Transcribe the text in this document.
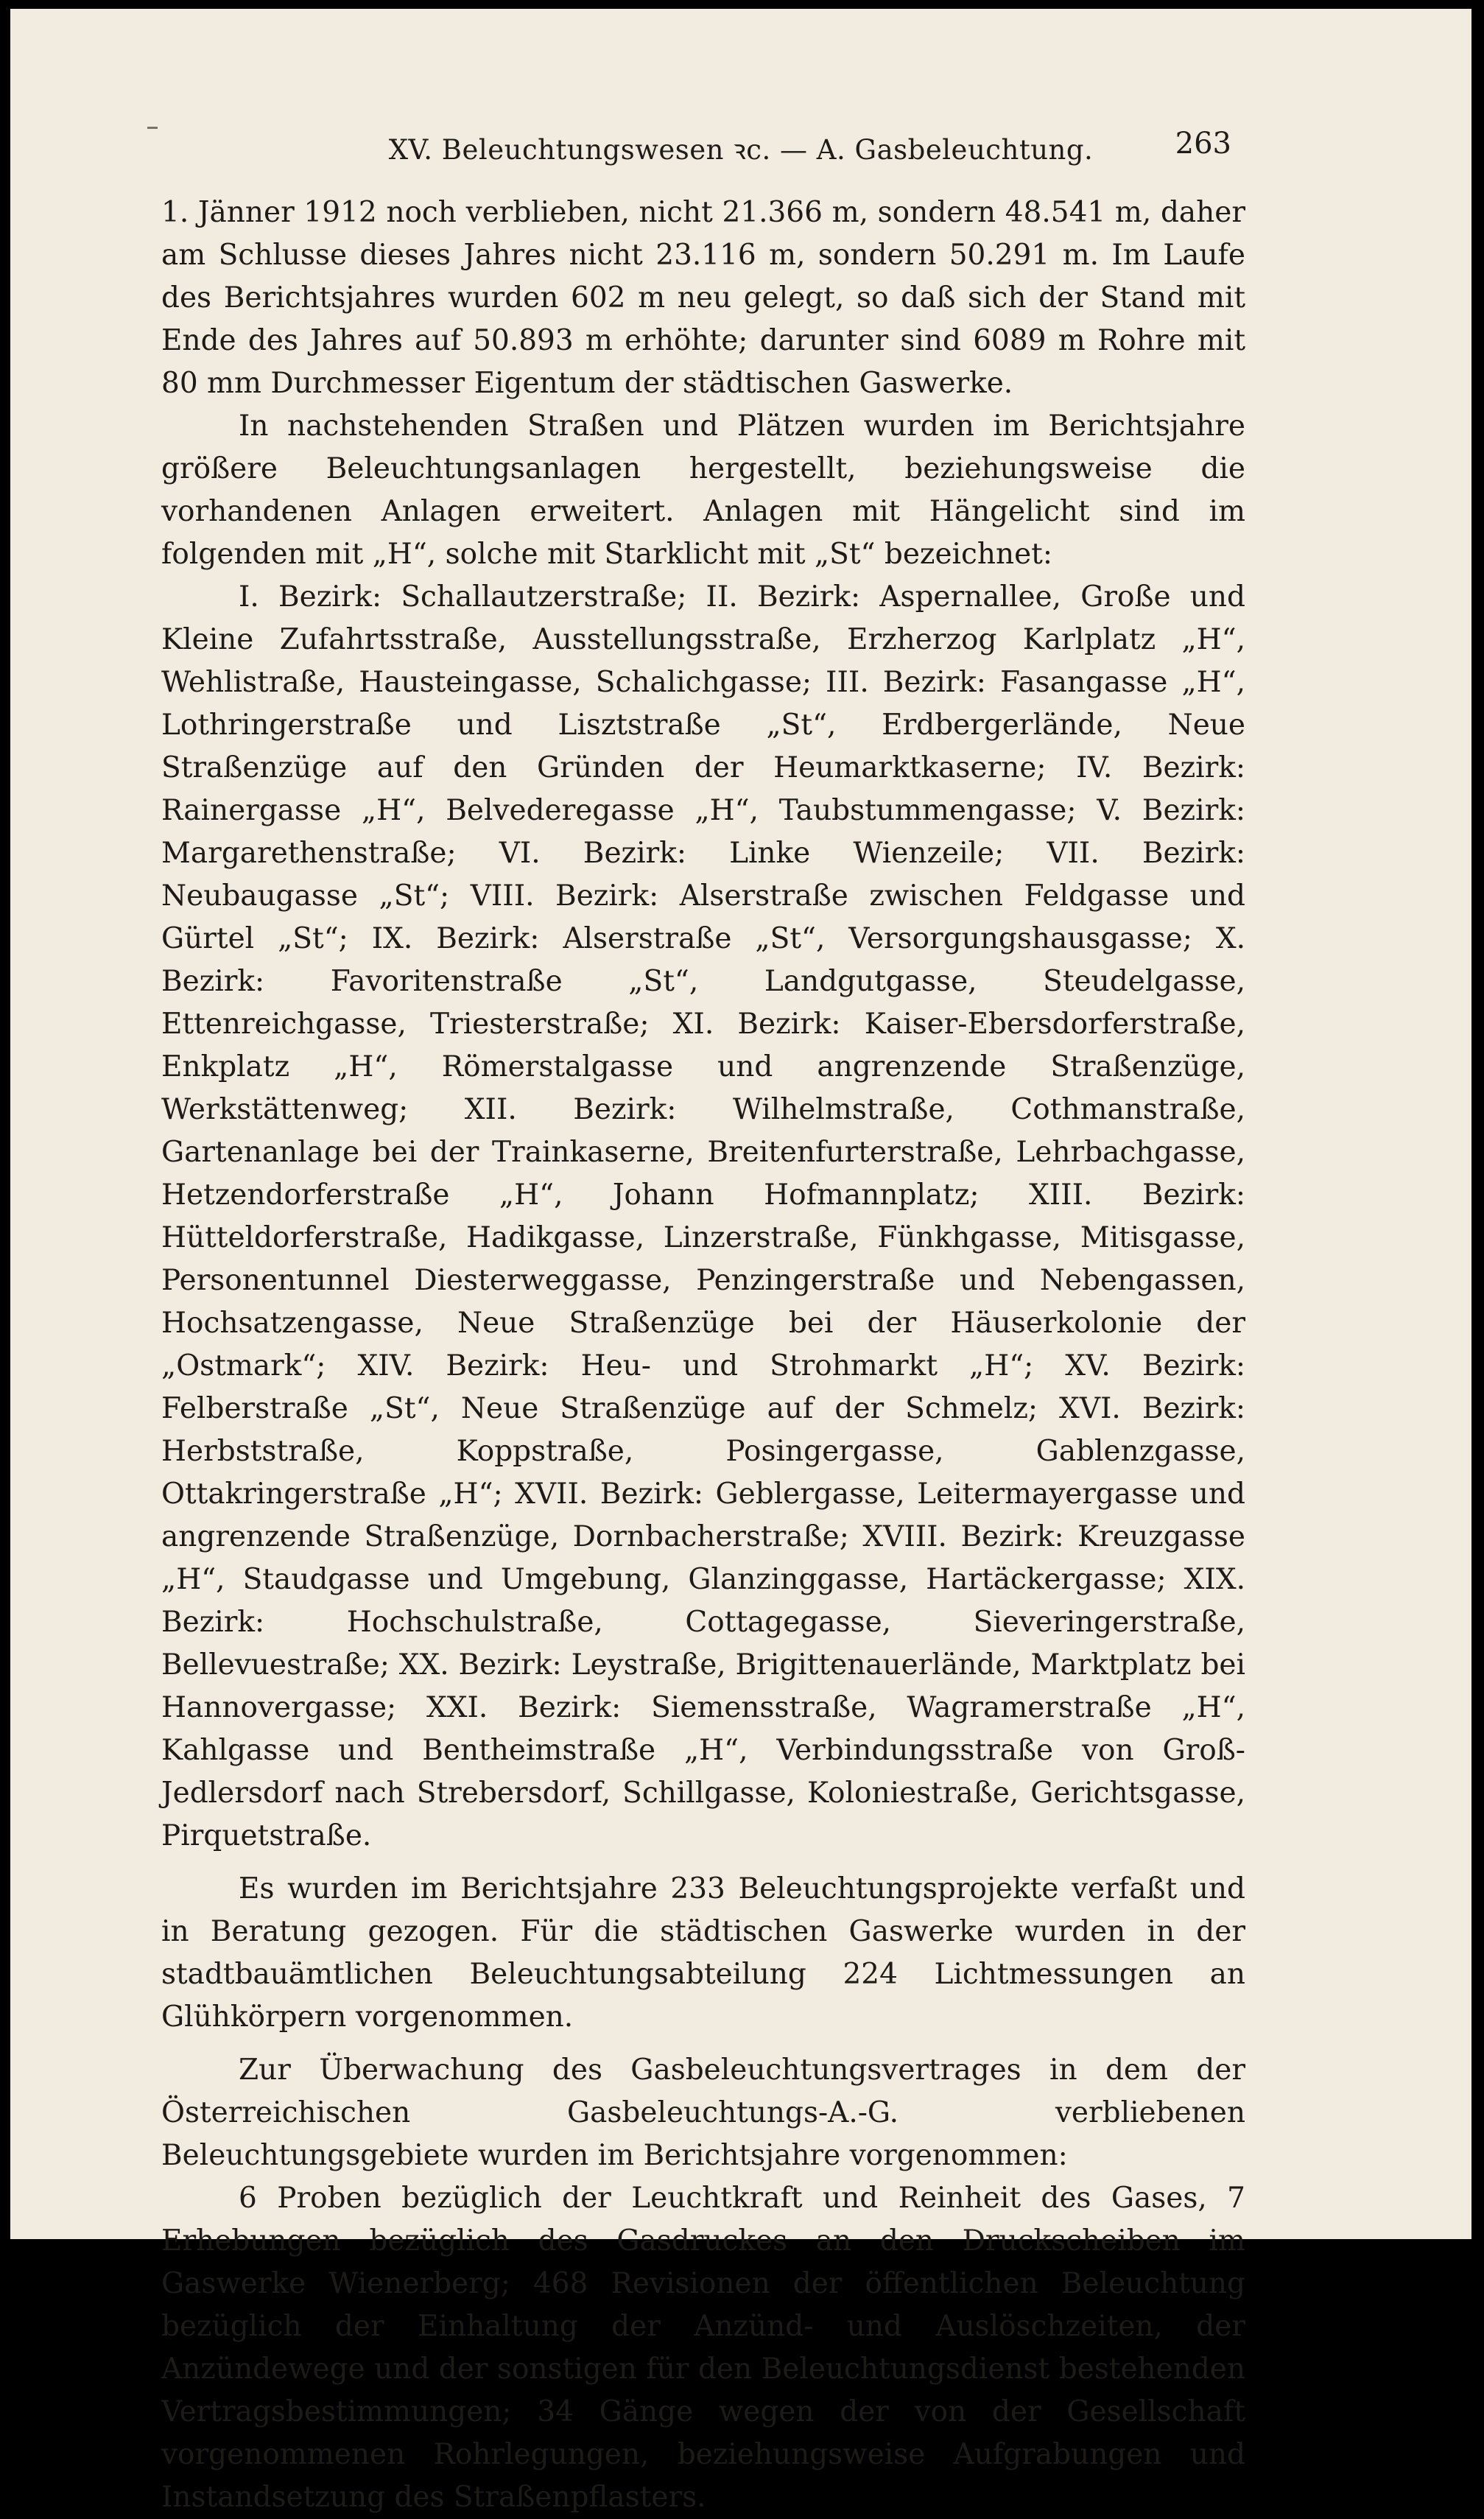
XV. Beleuchtungswesen ꝛc. — A. Gasbeleuchtung.	263

1. Jänner 1912 noch verblieben, nicht 21.366 m, sondern 48.541 m, daher am Schlusse dieses Jahres nicht 23.116 m, sondern 50.291 m. Im Laufe des Berichtsjahres wurden 602 m neu gelegt, so daß sich der Stand mit Ende des Jahres auf 50.893 m erhöhte; darunter sind 6089 m Rohre mit 80 mm Durchmesser Eigentum der städtischen Gaswerke.

In nachstehenden Straßen und Plätzen wurden im Berichtsjahre größere Beleuchtungsanlagen hergestellt, beziehungsweise die vorhandenen Anlagen erweitert. Anlagen mit Hängelicht sind im folgenden mit „H“, solche mit Starklicht mit „St“ bezeichnet:

I. Bezirk: Schallautzerstraße; II. Bezirk: Aspernallee, Große und Kleine Zufahrtsstraße, Ausstellungsstraße, Erzherzog Karlplatz „H“, Wehlistraße, Hausteingasse, Schalichgasse; III. Bezirk: Fasangasse „H“, Lothringerstraße und Lisztstraße „St“, Erdbergerlände, Neue Straßenzüge auf den Gründen der Heumarktkaserne; IV. Bezirk: Rainergasse „H“, Belvederegasse „H“, Taubstummengasse; V. Bezirk: Margarethenstraße; VI. Bezirk: Linke Wienzeile; VII. Bezirk: Neubaugasse „St“; VIII. Bezirk: Alserstraße zwischen Feldgasse und Gürtel „St“; IX. Bezirk: Alserstraße „St“, Versorgungshausgasse; X. Bezirk: Favoritenstraße „St“, Landgutgasse, Steudelgasse, Ettenreichgasse, Triesterstraße; XI. Bezirk: Kaiser-Ebersdorferstraße, Enkplatz „H“, Römerstalgasse und angrenzende Straßenzüge, Werkstättenweg; XII. Bezirk: Wilhelmstraße, Cothmanstraße, Gartenanlage bei der Trainkaserne, Breitenfurterstraße, Lehrbachgasse, Hetzendorferstraße „H“, Johann Hofmannplatz; XIII. Bezirk: Hütteldorferstraße, Hadikgasse, Linzerstraße, Fünkhgasse, Mitisgasse, Personentunnel Diesterweggasse, Penzingerstraße und Nebengassen, Hochsatzengasse, Neue Straßenzüge bei der Häuserkolonie der „Ostmark“; XIV. Bezirk: Heu- und Strohmarkt „H“; XV. Bezirk: Felberstraße „St“, Neue Straßenzüge auf der Schmelz; XVI. Bezirk: Herbststraße, Koppstraße, Posingergasse, Gablenzgasse, Ottakringerstraße „H“; XVII. Bezirk: Geblergasse, Leitermayergasse und angrenzende Straßenzüge, Dornbacherstraße; XVIII. Bezirk: Kreuzgasse „H“, Staudgasse und Umgebung, Glanzinggasse, Hartäckergasse; XIX. Bezirk: Hochschulstraße, Cottagegasse, Sieveringerstraße, Bellevuestraße; XX. Bezirk: Leystraße, Brigittenauerlände, Marktplatz bei Hannovergasse; XXI. Bezirk: Siemensstraße, Wagramerstraße „H“, Kahlgasse und Bentheimstraße „H“, Verbindungsstraße von Groß-Jedlersdorf nach Strebersdorf, Schillgasse, Koloniestraße, Gerichtsgasse, Pirquetstraße.

Es wurden im Berichtsjahre 233 Beleuchtungsprojekte verfaßt und in Beratung gezogen. Für die städtischen Gaswerke wurden in der stadtbauämtlichen Beleuchtungsabteilung 224 Lichtmessungen an Glühkörpern vorgenommen.

Zur Überwachung des Gasbeleuchtungsvertrages in dem der Österreichischen Gasbeleuchtungs-A.-G. verbliebenen Beleuchtungsgebiete wurden im Berichtsjahre vorgenommen:

6 Proben bezüglich der Leuchtkraft und Reinheit des Gases, 7 Erhebungen bezüglich des Gasdruckes an den Druckscheiben im Gaswerke Wienerberg; 468 Revisionen der öffentlichen Beleuchtung bezüglich der Einhaltung der Anzünd- und Auslöschzeiten, der Anzündewege und der sonstigen für den Beleuchtungsdienst bestehenden Vertragsbestimmungen; 34 Gänge wegen der von der Gesellschaft vorgenommenen Rohrlegungen, beziehungsweise Aufgrabungen und Instandsetzung des Straßenpflasters.
